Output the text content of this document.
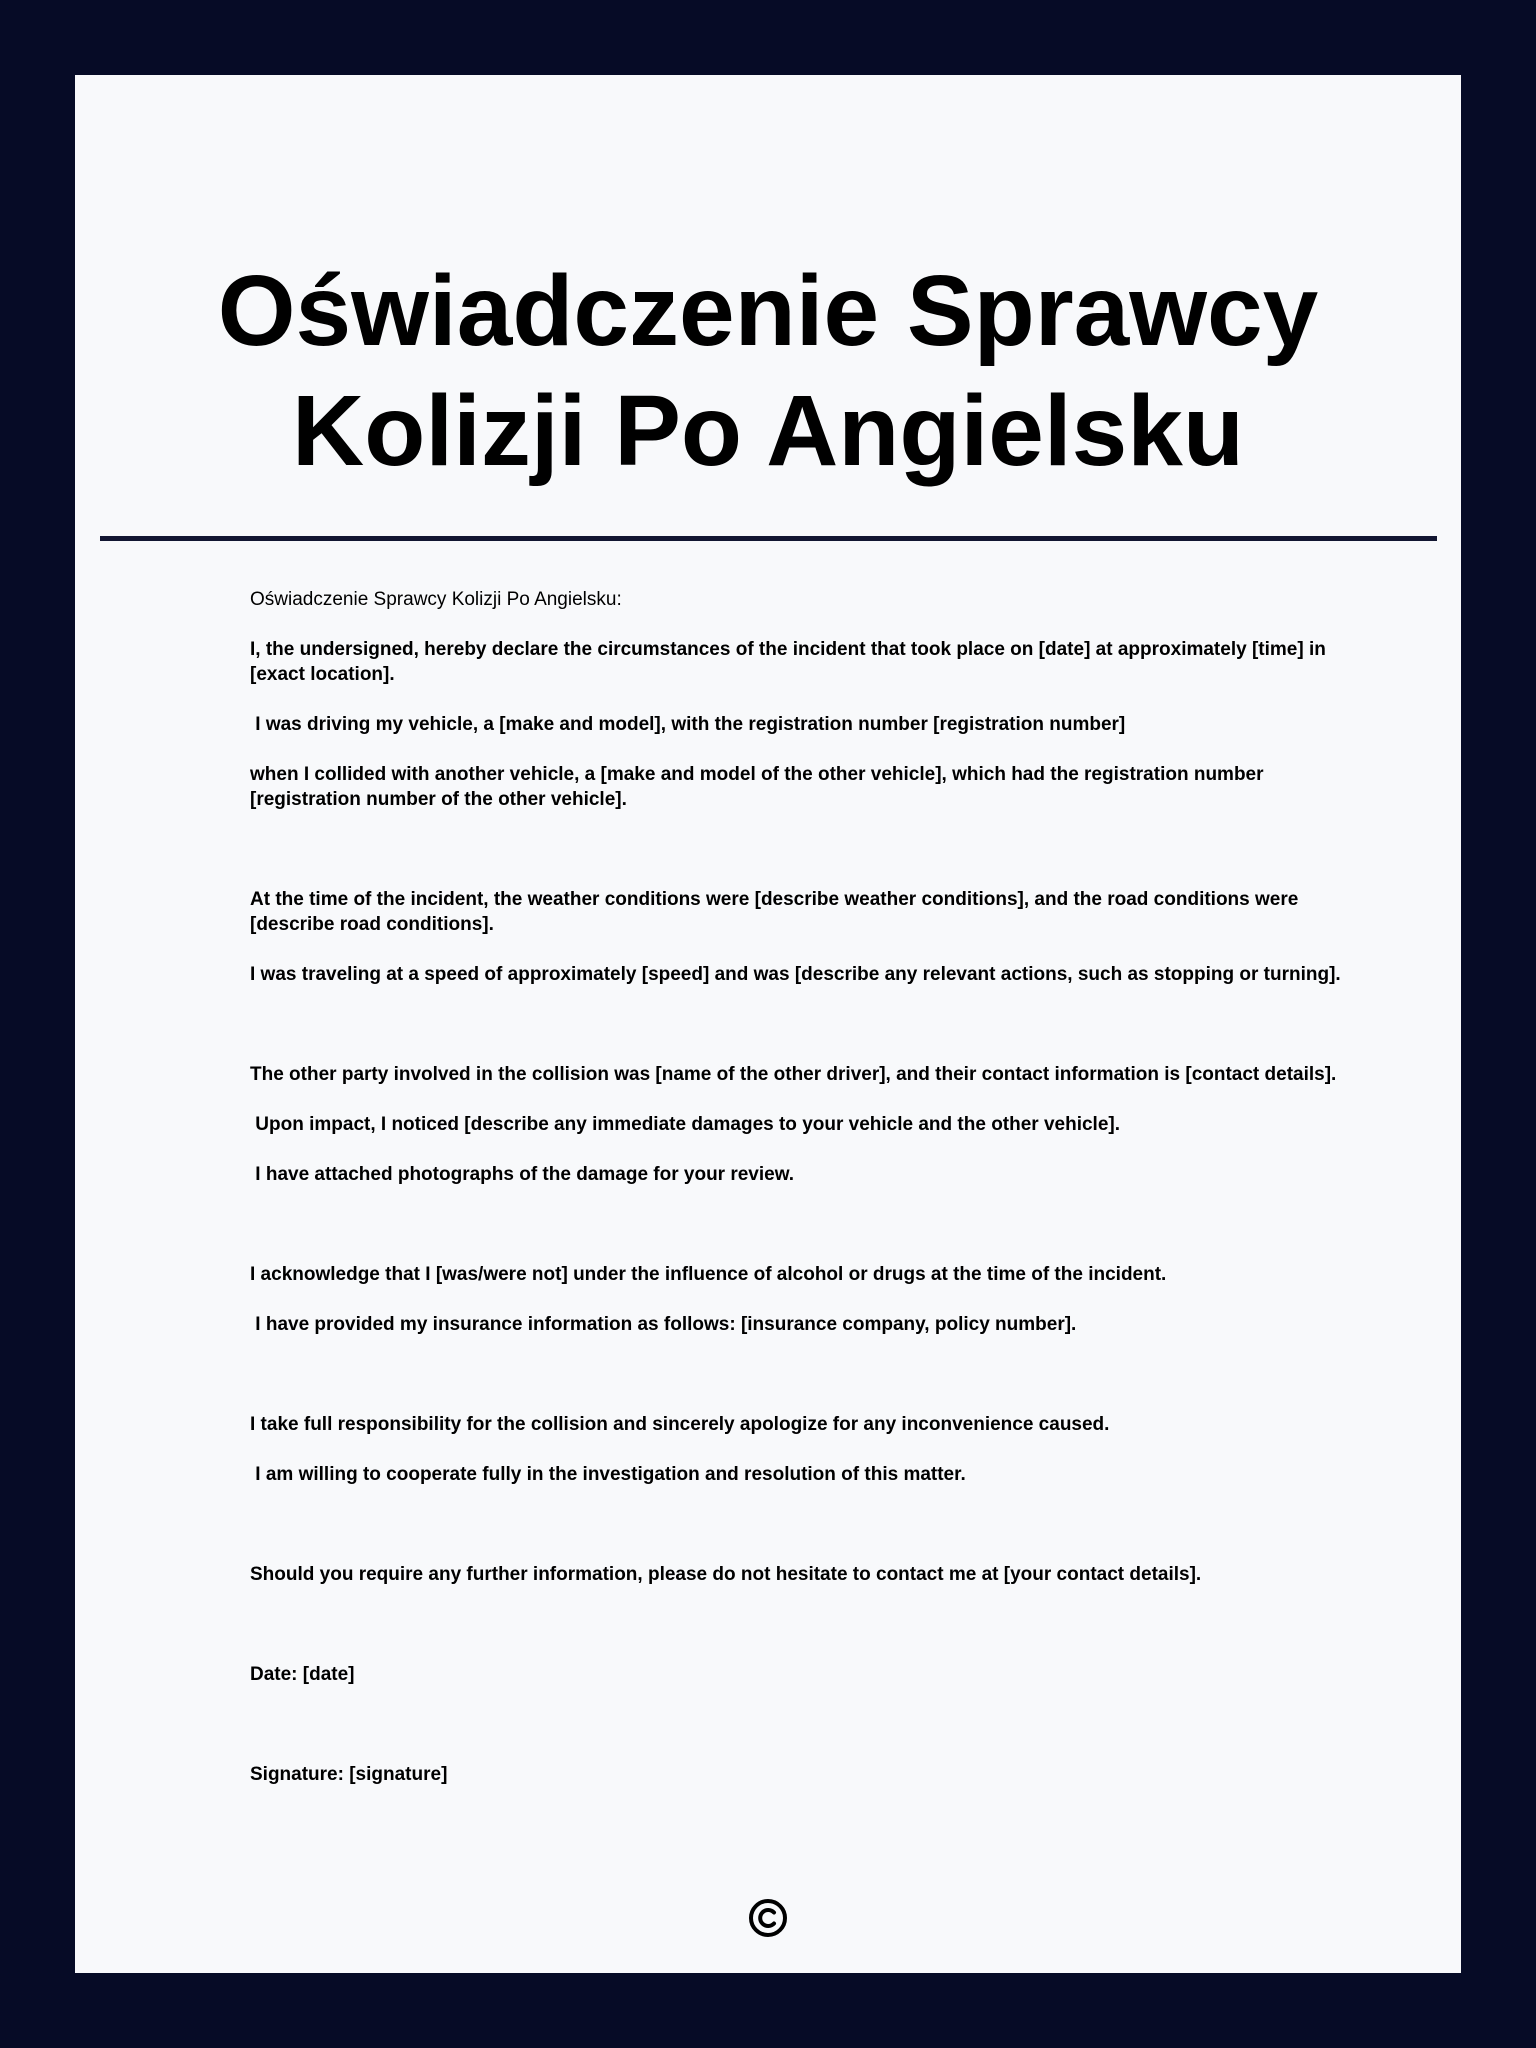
Oświadczenie Sprawcy
Kolizji Po Angielsku

Oświadczenie Sprawcy Kolizji Po Angielsku:

I, the undersigned, hereby declare the circumstances of the incident that took place on [date] at approximately [time] in [exact location].

I was driving my vehicle, a [make and model], with the registration number [registration number]

when I collided with another vehicle, a [make and model of the other vehicle], which had the registration number [registration number of the other vehicle].

At the time of the incident, the weather conditions were [describe weather conditions], and the road conditions were [describe road conditions].

I was traveling at a speed of approximately [speed] and was [describe any relevant actions, such as stopping or turning].

The other party involved in the collision was [name of the other driver], and their contact information is [contact details].

Upon impact, I noticed [describe any immediate damages to your vehicle and the other vehicle].

I have attached photographs of the damage for your review.

I acknowledge that I [was/were not] under the influence of alcohol or drugs at the time of the incident.

I have provided my insurance information as follows: [insurance company, policy number].

I take full responsibility for the collision and sincerely apologize for any inconvenience caused.

I am willing to cooperate fully in the investigation and resolution of this matter.

Should you require any further information, please do not hesitate to contact me at [your contact details].

Date: [date]

Signature: [signature]
